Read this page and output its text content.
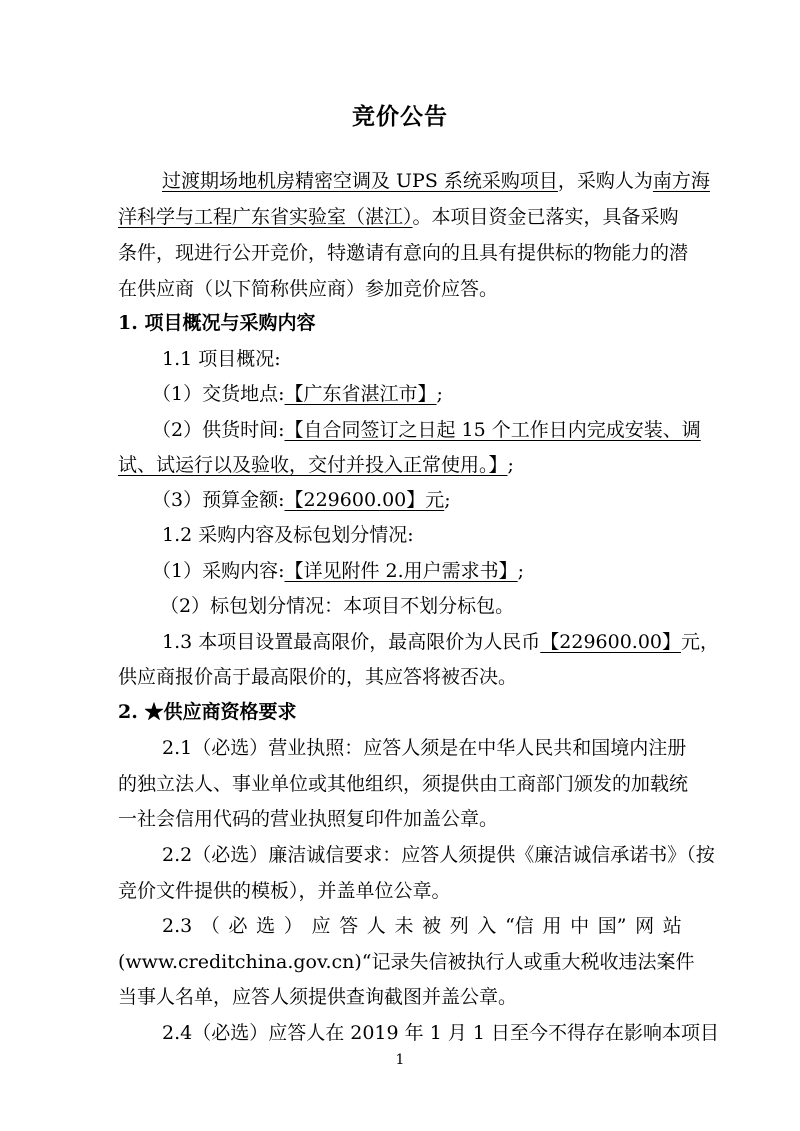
竞价公告
过渡期场地机房精密空调及 UPS 系统采购项目，采购人为南方海
洋科学与工程广东省实验室（湛江）。本项目资金已落实，具备采购
条件，现进行公开竞价，特邀请有意向的且具有提供标的物能力的潜
在供应商（以下简称供应商）参加竞价应答。
1. 项目概况与采购内容
1.1 项目概况:
（1）交货地点:【广东省湛江市】;
（2）供货时间:【自合同签订之日起 15 个工作日内完成安装、调
试、试运行以及验收，交付并投入正常使用。】;
（3）预算金额:【229600.00】元;
1.2 采购内容及标包划分情况:
（1）采购内容:【详见附件 2.用户需求书】;
（2）标包划分情况：本项目不划分标包。
1.3 本项目设置最高限价，最高限价为人民币【229600.00】元，
供应商报价高于最高限价的，其应答将被否决。
2. ★供应商资格要求
2.1（必选）营业执照：应答人须是在中华人民共和国境内注册
的独立法人、事业单位或其他组织，须提供由工商部门颁发的加载统
一社会信用代码的营业执照复印件加盖公章。
2.2（必选）廉洁诚信要求：应答人须提供《廉洁诚信承诺书》（按
竞价文件提供的模板），并盖单位公章。
2.3 （ 必 选 ） 应 答 人 未 被 列 入 “信 用 中 国” 网 站
(www.creditchina.gov.cn)“记录失信被执行人或重大税收违法案件
当事人名单，应答人须提供查询截图并盖公章。
2.4（必选）应答人在 2019 年 1 月 1 日至今不得存在影响本项目
1
